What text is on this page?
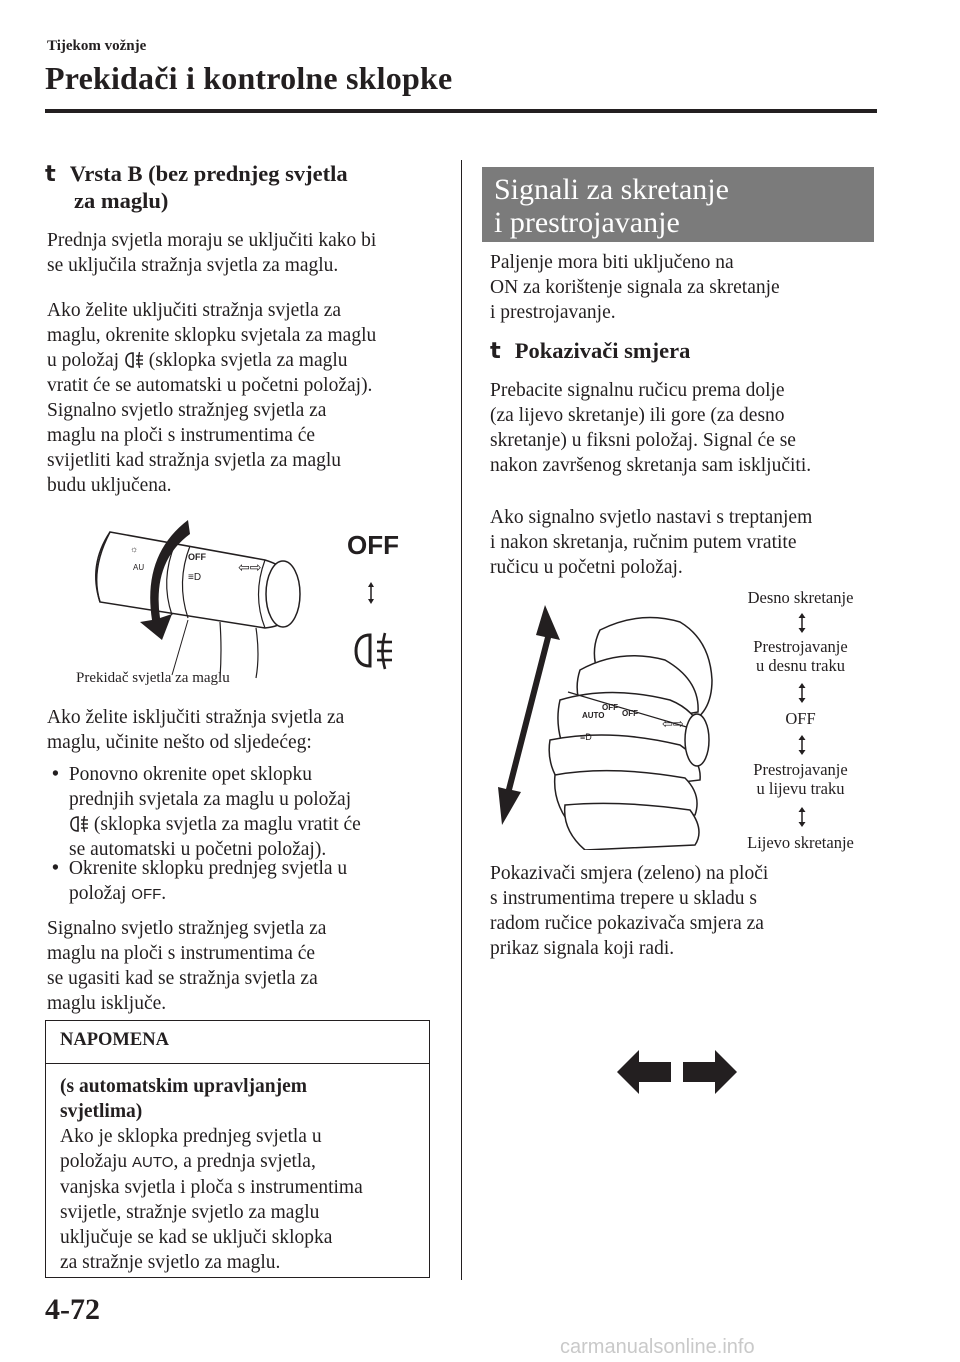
Tijekom vožnje
Prekidači i kontrolne sklopke
t Vrsta B (bez prednjeg svjetla
za maglu)

Prednja svjetla moraju se uključiti kako bi

se uključila stražnja svjetla za maglu.

Ako želite uključiti stražnja svjetla za

maglu, okrenite sklopku svjetala za maglu

u položaj (sklopka svjetla za maglu

vratit će se automatski u početni položaj).

Signalno svjetlo stražnjeg svjetla za

maglu na ploči s instrumentima će

svijetliti kad stražnja svjetla za maglu

budu uključena.

OFF
☼
AU
≡D
⇦⇨
OFF
Prekidač svjetla za maglu

Ako želite isključiti stražnja svjetla za

maglu, učinite nešto od sljedećeg:

• Ponovno okrenite opet sklopku

prednjih svjetala za maglu u položaj

(sklopka svjetla za maglu vratit će

se automatski u početni položaj).

• Okrenite sklopku prednjeg svjetla u

položaj OFF.

Signalno svjetlo stražnjeg svjetla za

maglu na ploči s instrumentima će

se ugasiti kad se stražnja svjetla za

maglu isključe.

NAPOMENA

(s automatskim upravljanjem

svjetlima)

Ako je sklopka prednjeg svjetla u

položaju AUTO, a prednja svjetla,

vanjska svjetla i ploča s instrumentima

svijetle, stražnje svjetlo za maglu

uključuje se kad se uključi sklopka

za stražnje svjetlo za maglu.

Signali za skretanje
i prestrojavanje

Paljenje mora biti uključeno na

ON za korištenje signala za skretanje

i prestrojavanje.

t Pokazivači smjera

Prebacite signalnu ručicu prema dolje

(za lijevo skretanje) ili gore (za desno

skretanje) u fiksni položaj. Signal će se

nakon završenog skretanja sam isključiti.

Ako signalno svjetlo nastavi s treptanjem

i nakon skretanja, ručnim putem vratite

ručicu u početni položaj.

AUTO
OFF
OFF
⇦⇨
≡D
Desno skretanje
Prestrojavanje
u desnu traku
OFF
Prestrojavanje
u lijevu traku
Lijevo skretanje

Pokazivači smjera (zeleno) na ploči

s instrumentima trepere u skladu s

radom ručice pokazivača smjera za

prikaz signala koji radi.

4-72
carmanualsonline.info
